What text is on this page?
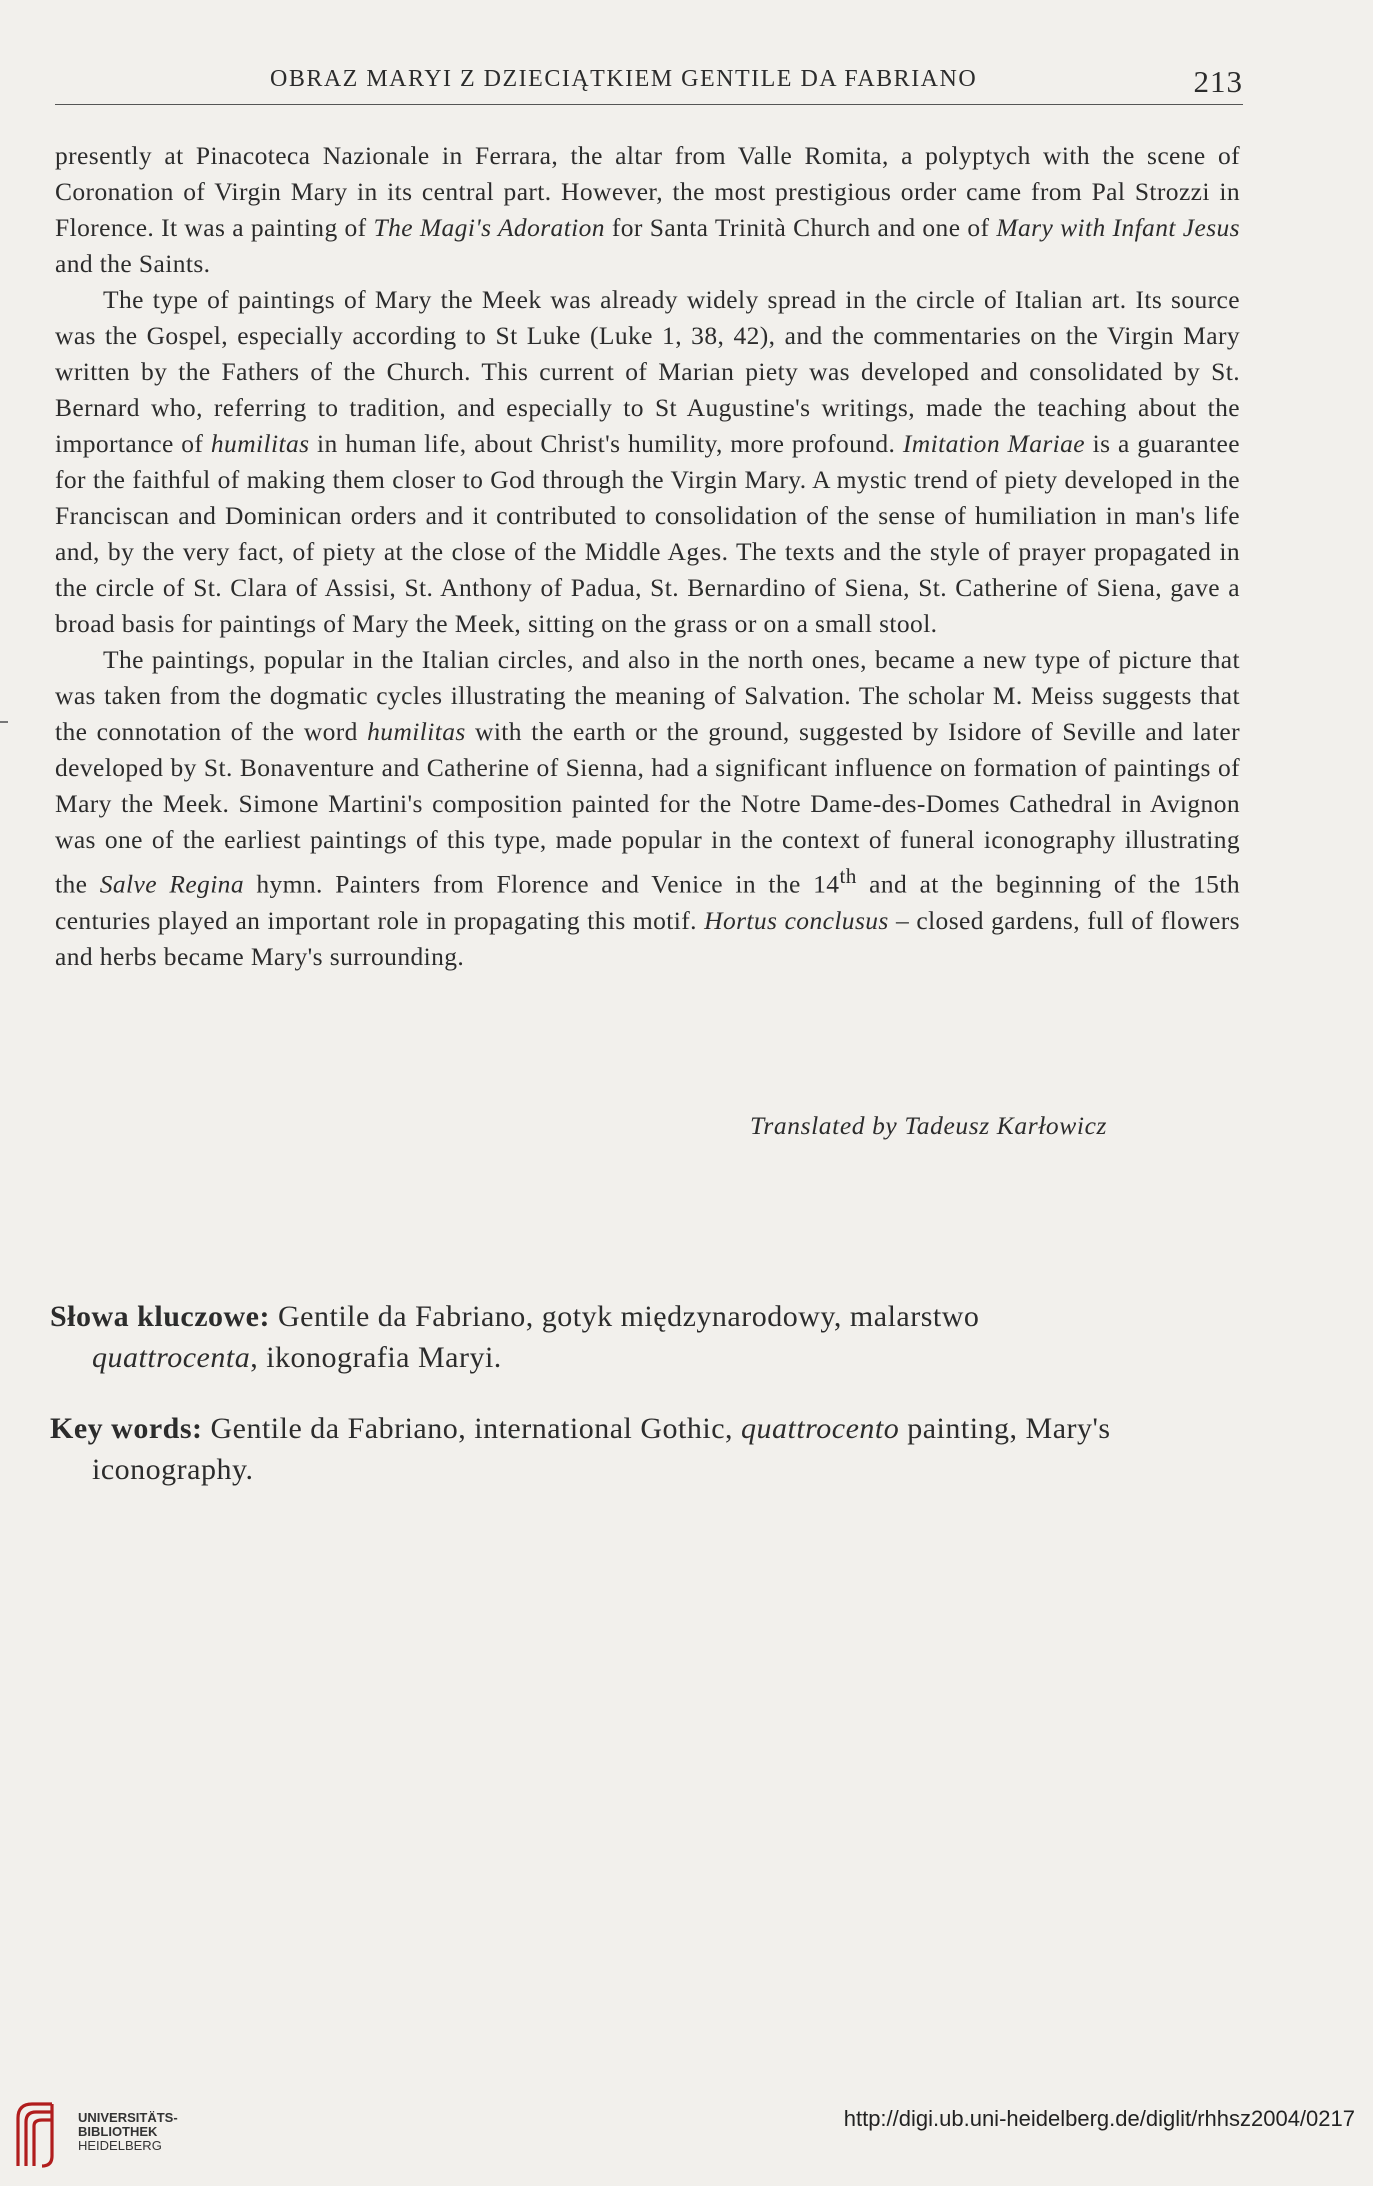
OBRAZ MARYI Z DZIECIĄTKIEM GENTILE DA FABRIANO	213

presently at Pinacoteca Nazionale in Ferrara, the altar from Valle Romita, a polyptych with the scene of Coronation of Virgin Mary in its central part. However, the most prestigious order came from Pal Strozzi in Florence. It was a painting of The Magi's Adoration for Santa Trinità Church and one of Mary with Infant Jesus and the Saints.

The type of paintings of Mary the Meek was already widely spread in the circle of Italian art. Its source was the Gospel, especially according to St Luke (Luke 1, 38, 42), and the commentaries on the Virgin Mary written by the Fathers of the Church. This current of Marian piety was developed and consolidated by St. Bernard who, referring to tradition, and especially to St Augustine's writings, made the teaching about the importance of humilitas in human life, about Christ's humility, more profound. Imitation Mariae is a guarantee for the faithful of making them closer to God through the Virgin Mary. A mystic trend of piety developed in the Franciscan and Dominican orders and it contributed to consolidation of the sense of humiliation in man's life and, by the very fact, of piety at the close of the Middle Ages. The texts and the style of prayer propagated in the circle of St. Clara of Assisi, St. Anthony of Padua, St. Bernardino of Siena, St. Catherine of Siena, gave a broad basis for paintings of Mary the Meek, sitting on the grass or on a small stool.

The paintings, popular in the Italian circles, and also in the north ones, became a new type of picture that was taken from the dogmatic cycles illustrating the meaning of Salvation. The scholar M. Meiss suggests that the connotation of the word humilitas with the earth or the ground, suggested by Isidore of Seville and later developed by St. Bonaventure and Catherine of Sienna, had a significant influence on formation of paintings of Mary the Meek. Simone Martini's composition painted for the Notre Dame-des-Domes Cathedral in Avignon was one of the earliest paintings of this type, made popular in the context of funeral iconography illustrating the Salve Regina hymn. Painters from Florence and Venice in the 14th and at the beginning of the 15th centuries played an important role in propagating this motif. Hortus conclusus – closed gardens, full of flowers and herbs became Mary's surrounding.

Translated by Tadeusz Karłowicz
Słowa kluczowe: Gentile da Fabriano, gotyk międzynarodowy, malarstwo
quattrocenta, ikonografia Maryi.
Key words: Gentile da Fabriano, international Gothic, quattrocento painting, Mary's
iconography.
UNIVERSITÄTS-
BIBLIOTHEK
HEIDELBERG
http://digi.ub.uni-heidelberg.de/diglit/rhhsz2004/0217
